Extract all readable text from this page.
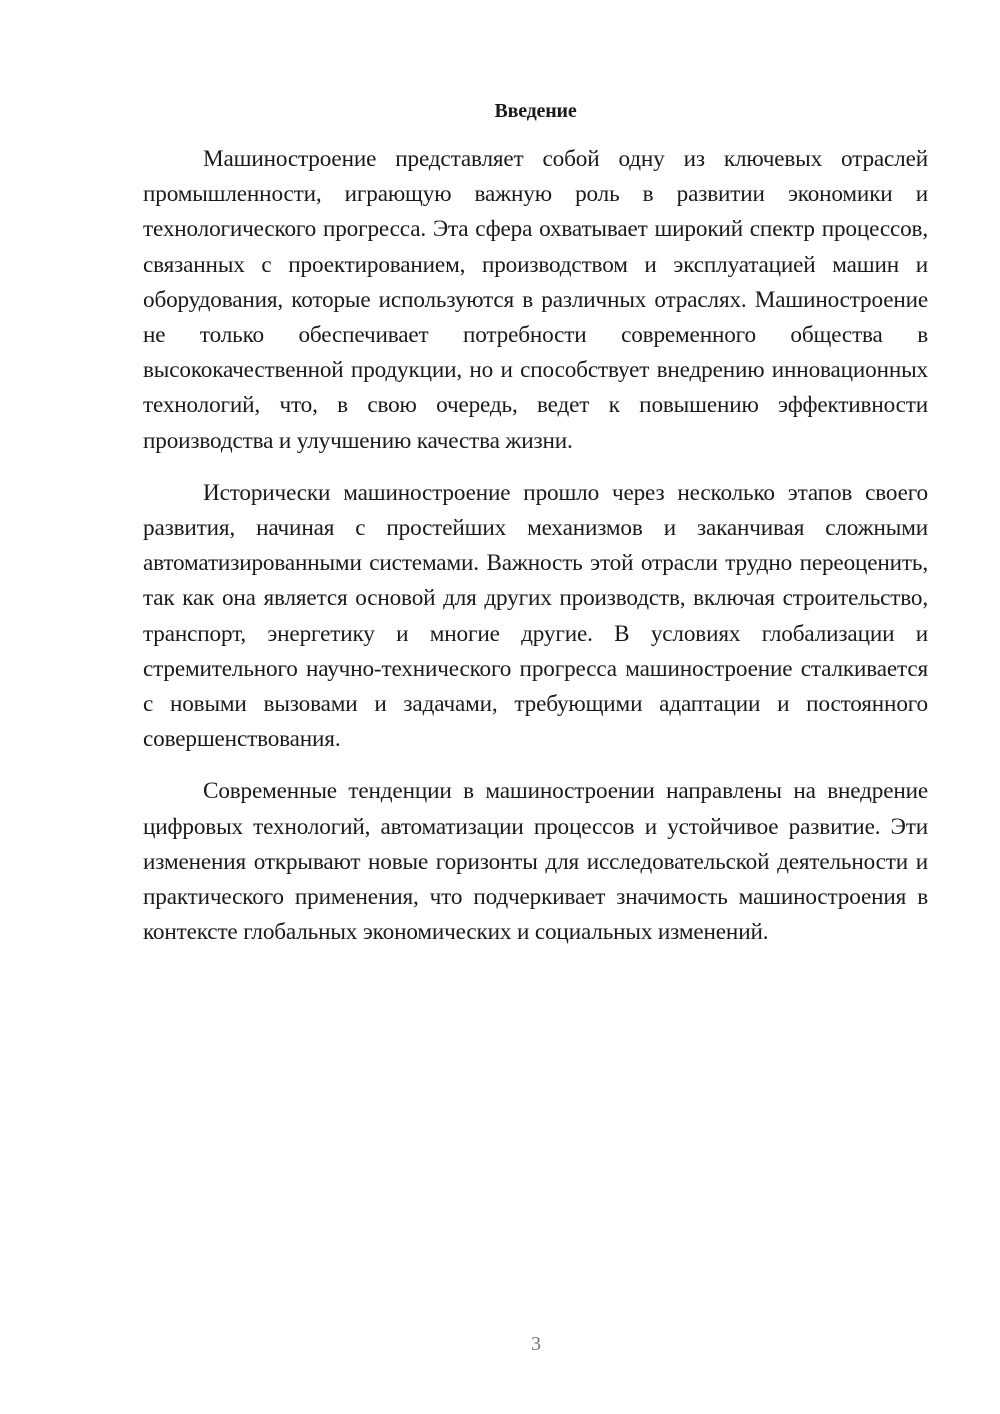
Введение

Машиностроение представляет собой одну из ключевых отраслей промышленности, играющую важную роль в развитии экономики и технологического прогресса. Эта сфера охватывает широкий спектр процессов, связанных с проектированием, производством и эксплуатацией машин и оборудования, которые используются в различных отраслях. Машиностроение не только обеспечивает потребности современного общества в высококачественной продукции, но и способствует внедрению инновационных технологий, что, в свою очередь, ведет к повышению эффективности производства и улучшению качества жизни.

Исторически машиностроение прошло через несколько этапов своего развития, начиная с простейших механизмов и заканчивая сложными автоматизированными системами. Важность этой отрасли трудно переоценить, так как она является основой для других производств, включая строительство, транспорт, энергетику и многие другие. В условиях глобализации и стремительного научно-технического прогресса машиностроение сталкивается с новыми вызовами и задачами, требующими адаптации и постоянного совершенствования.

Современные тенденции в машиностроении направлены на внедрение цифровых технологий, автоматизации процессов и устойчивое развитие. Эти изменения открывают новые горизонты для исследовательской деятельности и практического применения, что подчеркивает значимость машиностроения в контексте глобальных экономических и социальных изменений.

3
